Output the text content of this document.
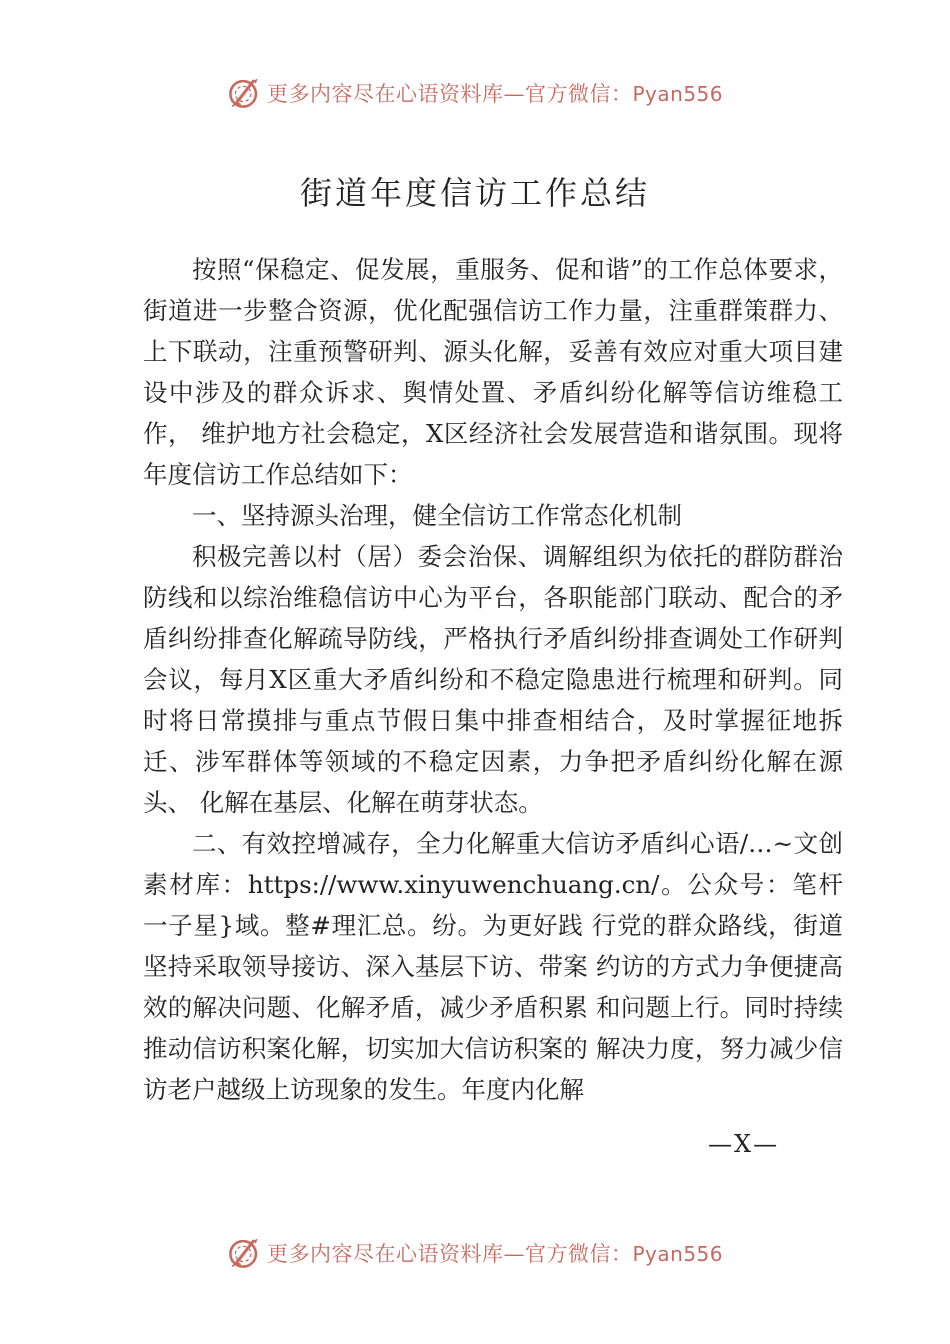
更多内容尽在心语资料库—官方微信：Pyan556
街道年度信访工作总结

按照“保稳定、促发展，重服务、促和谐”的工作总体要求， 街道进一步整合资源，优化配强信访工作力量，注重群策群力、上下联动，注重预警研判、源头化解，妥善有效应对重大项目建设中涉及的群众诉求、舆情处置、矛盾纠纷化解等信访维稳工作， 维护地方社会稳定，X区经济社会发展营造和谐氛围。现将年度信访工作总结如下：

一、坚持源头治理，健全信访工作常态化机制

积极完善以村（居）委会治保、调解组织为依托的群防群治防线和以综治维稳信访中心为平台，各职能部门联动、配合的矛盾纠纷排查化解疏导防线，严格执行矛盾纠纷排查调处工作研判会议，每月X区重大矛盾纠纷和不稳定隐患进行梳理和研判。同时将日常摸排与重点节假日集中排查相结合，及时掌握征地拆迁、涉军群体等领域的不稳定因素，力争把矛盾纠纷化解在源头、 化解在基层、化解在萌芽状态。

二、有效控增减存，全力化解重大信访矛盾纠心语/…~文创素材库：https://www.xinyuwenchuang.cn/。公众号：笔杆一子星}域。整#理汇总。纷。为更好践 行党的群众路线，街道坚持采取领导接访、深入基层下访、带案 约访的方式力争便捷高效的解决问题、化解矛盾，减少矛盾积累 和问题上行。同时持续推动信访积案化解，切实加大信访积案的 解决力度，努力减少信访老户越级上访现象的发生。年度内化解

—X—
更多内容尽在心语资料库—官方微信：Pyan556
